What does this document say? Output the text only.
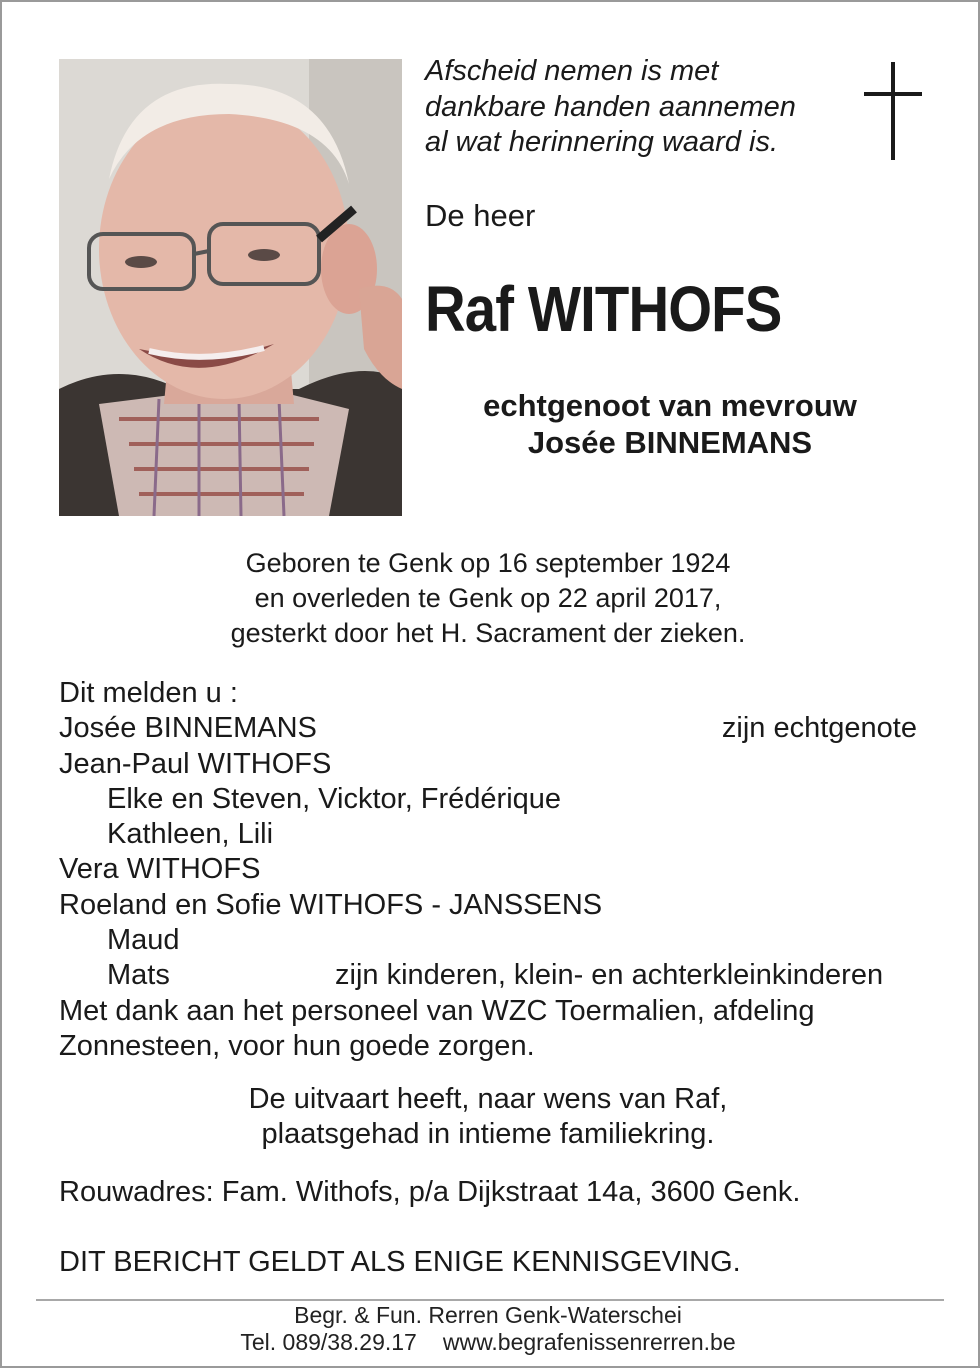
Afscheid nemen is met
dankbare handen aannemen
al wat herinnering waard is.
De heer
Raf WITHOFS
echtgenoot van mevrouw
Josée BINNEMANS
Geboren te Genk op 16 september 1924
en overleden te Genk op 22 april 2017,
gesterkt door het H. Sacrament der zieken.
Dit melden u :
Josée BINNEMANS	zijn echtgenote
Jean-Paul WITHOFS
Elke en Steven, Vicktor, Frédérique
Kathleen, Lili
Vera WITHOFS
Roeland en Sofie WITHOFS - JANSSENS
Maud
Mats	zijn kinderen, klein- en achterkleinkinderen
Met dank aan het personeel van WZC Toermalien, afdeling
Zonnesteen, voor hun goede zorgen.
De uitvaart heeft, naar wens van Raf,
plaatsgehad in intieme familiekring.
Rouwadres: Fam. Withofs, p/a Dijkstraat 14a, 3600 Genk.
DIT BERICHT GELDT ALS ENIGE KENNISGEVING.
Begr. & Fun. Rerren Genk-Waterschei
Tel. 089/38.29.17 www.begrafenissenrerren.be
